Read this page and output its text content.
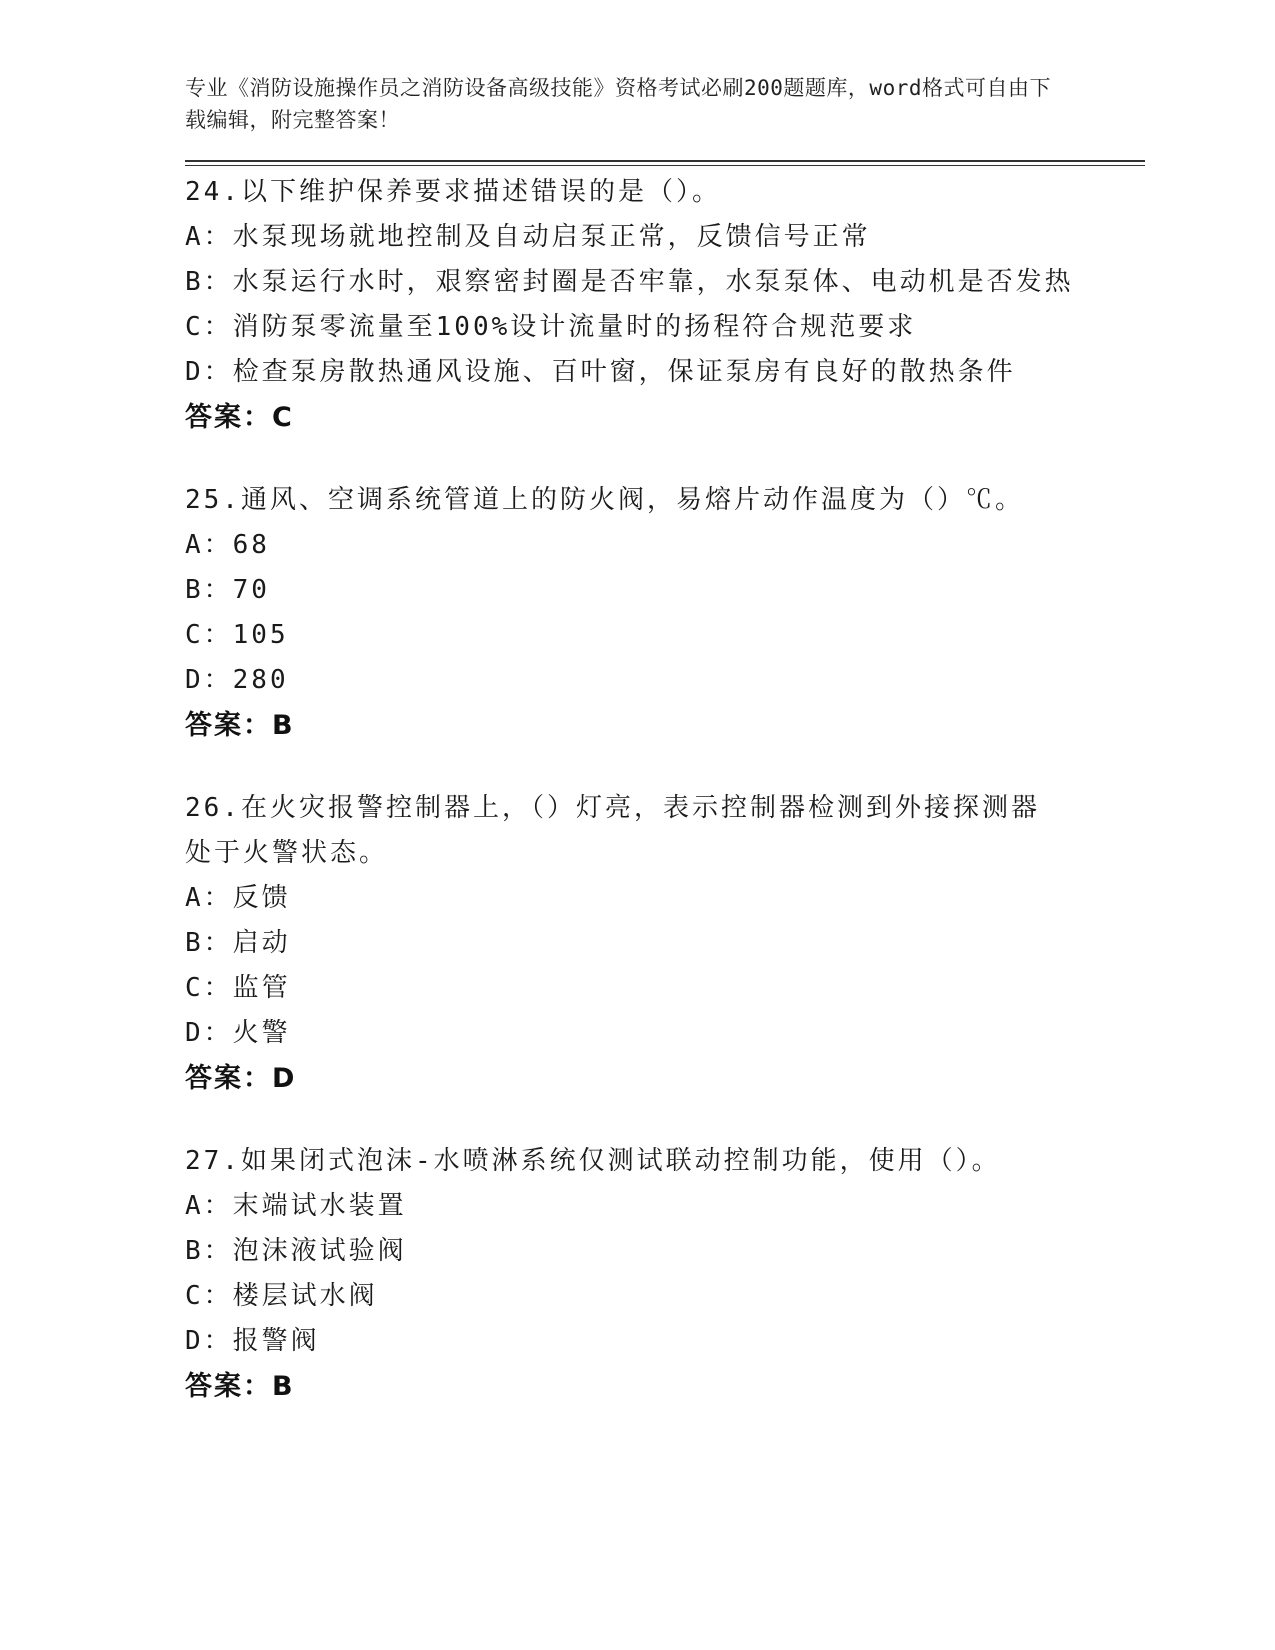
专业《消防设施操作员之消防设备高级技能》资格考试必刷200题题库，word格式可自由下载编辑，附完整答案！
24.以下维护保养要求描述错误的是（）。
A：水泵现场就地控制及自动启泵正常，反馈信号正常
B：水泵运行水时，艰察密封圈是否牢靠，水泵泵体、电动机是否发热
C：消防泵零流量至100%设计流量时的扬程符合规范要求
D：检查泵房散热通风设施、百叶窗，保证泵房有良好的散热条件
答案：C
25.通风、空调系统管道上的防火阀，易熔片动作温度为（）℃。
A：68
B：70
C：105
D：280
答案：B
26.在火灾报警控制器上，（）灯亮，表示控制器检测到外接探测器处于火警状态。
A：反馈
B：启动
C：监管
D：火警
答案：D
27.如果闭式泡沫-水喷淋系统仅测试联动控制功能，使用（）。
A：末端试水装置
B：泡沫液试验阀
C：楼层试水阀
D：报警阀
答案：B
